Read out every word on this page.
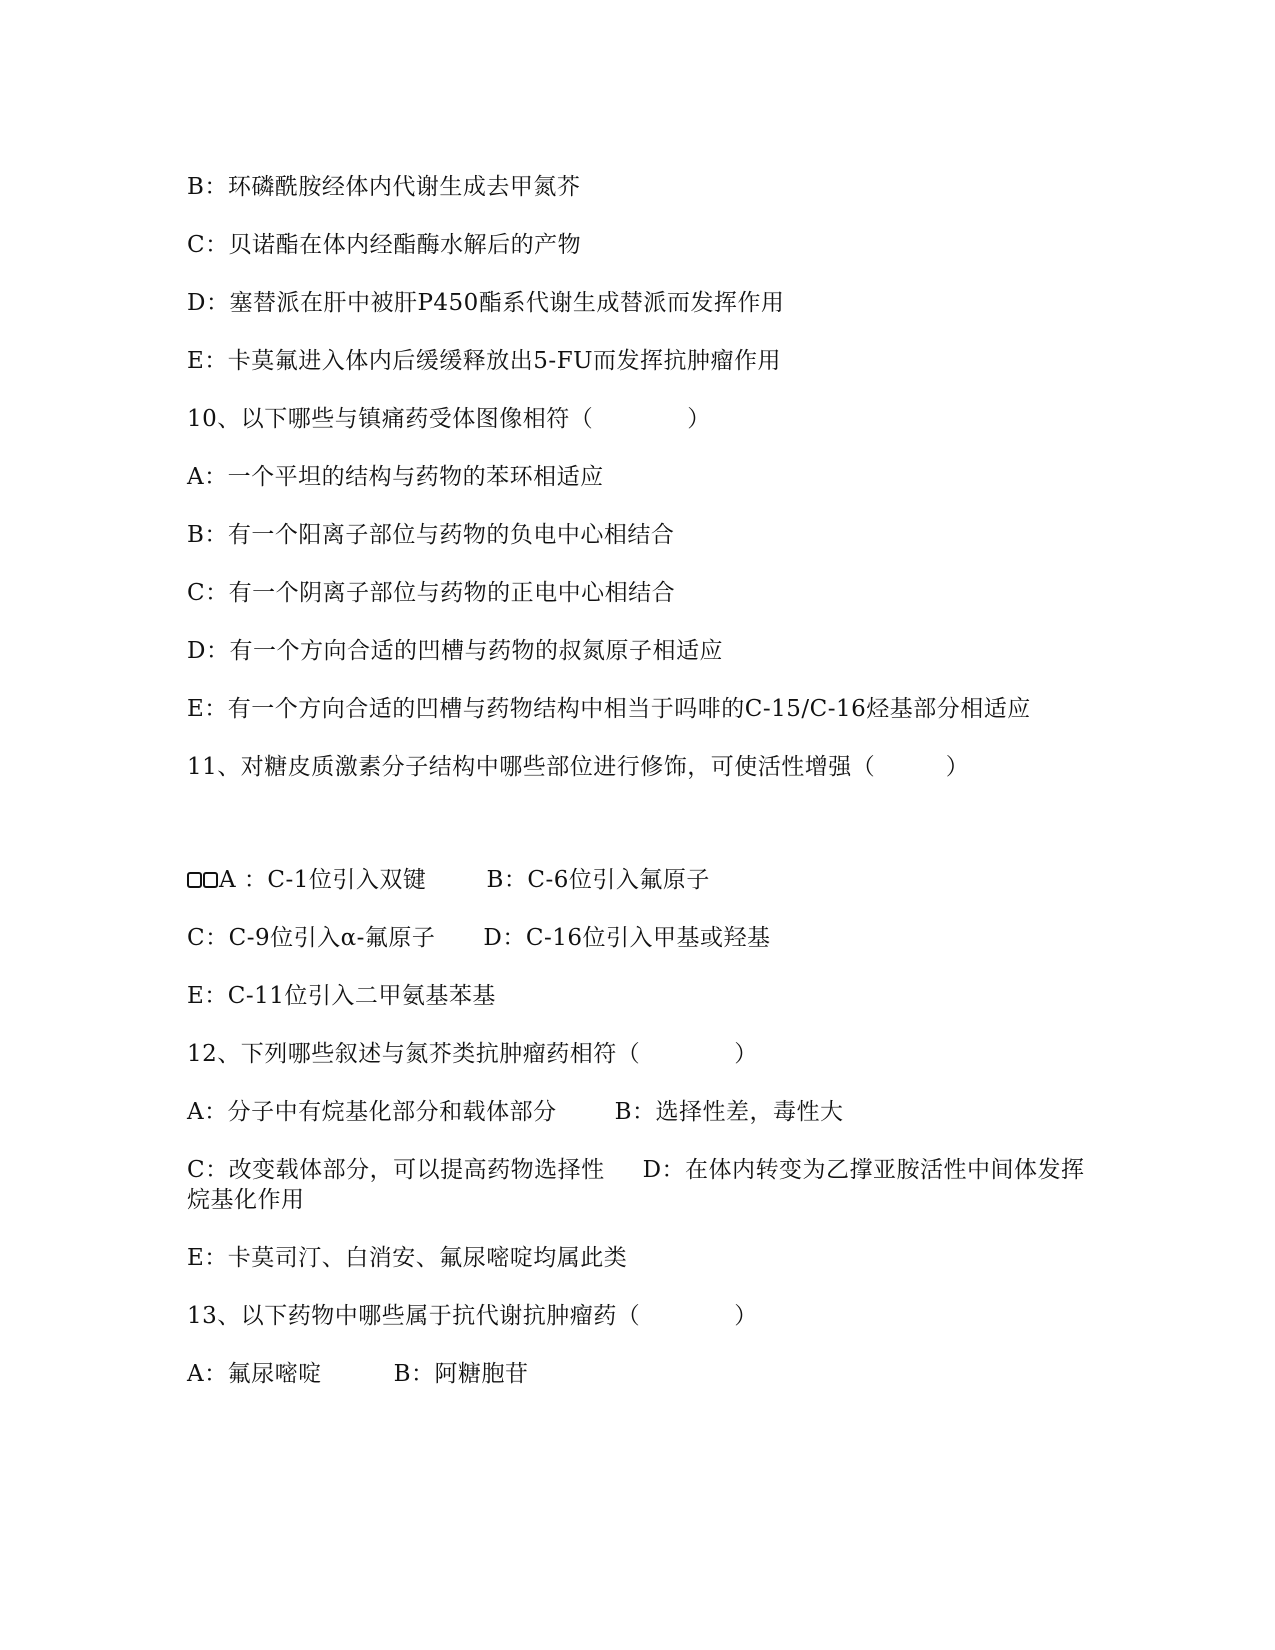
B：环磷酰胺经体内代谢生成去甲氮芥
C：贝诺酯在体内经酯酶水解后的产物
D：塞替派在肝中被肝P450酯系代谢生成替派而发挥作用
E：卡莫氟进入体内后缓缓释放出5-FU而发挥抗肿瘤作用
10、以下哪些与镇痛药受体图像相符（　　　　）
A：一个平坦的结构与药物的苯环相适应
B：有一个阳离子部位与药物的负电中心相结合
C：有一个阴离子部位与药物的正电中心相结合
D：有一个方向合适的凹槽与药物的叔氮原子相适应
E：有一个方向合适的凹槽与药物结构中相当于吗啡的C-15/C-16烃基部分相适应
11、对糖皮质激素分子结构中哪些部位进行修饰，可使活性增强（　　　）
A ：C-1位引入双键	B：C-6位引入氟原子
C：C-9位引入α-氟原子 D：C-16位引入甲基或羟基
E：C-11位引入二甲氨基苯基
12、下列哪些叙述与氮芥类抗肿瘤药相符（　　　　）
A：分子中有烷基化部分和载体部分	B：选择性差，毒性大
C：改变载体部分，可以提高药物选择性 D：在体内转变为乙撑亚胺活性中间体发挥烷基化作用
E：卡莫司汀、白消安、氟尿嘧啶均属此类
13、以下药物中哪些属于抗代谢抗肿瘤药（　　　　）
A：氟尿嘧啶	B：阿糖胞苷
